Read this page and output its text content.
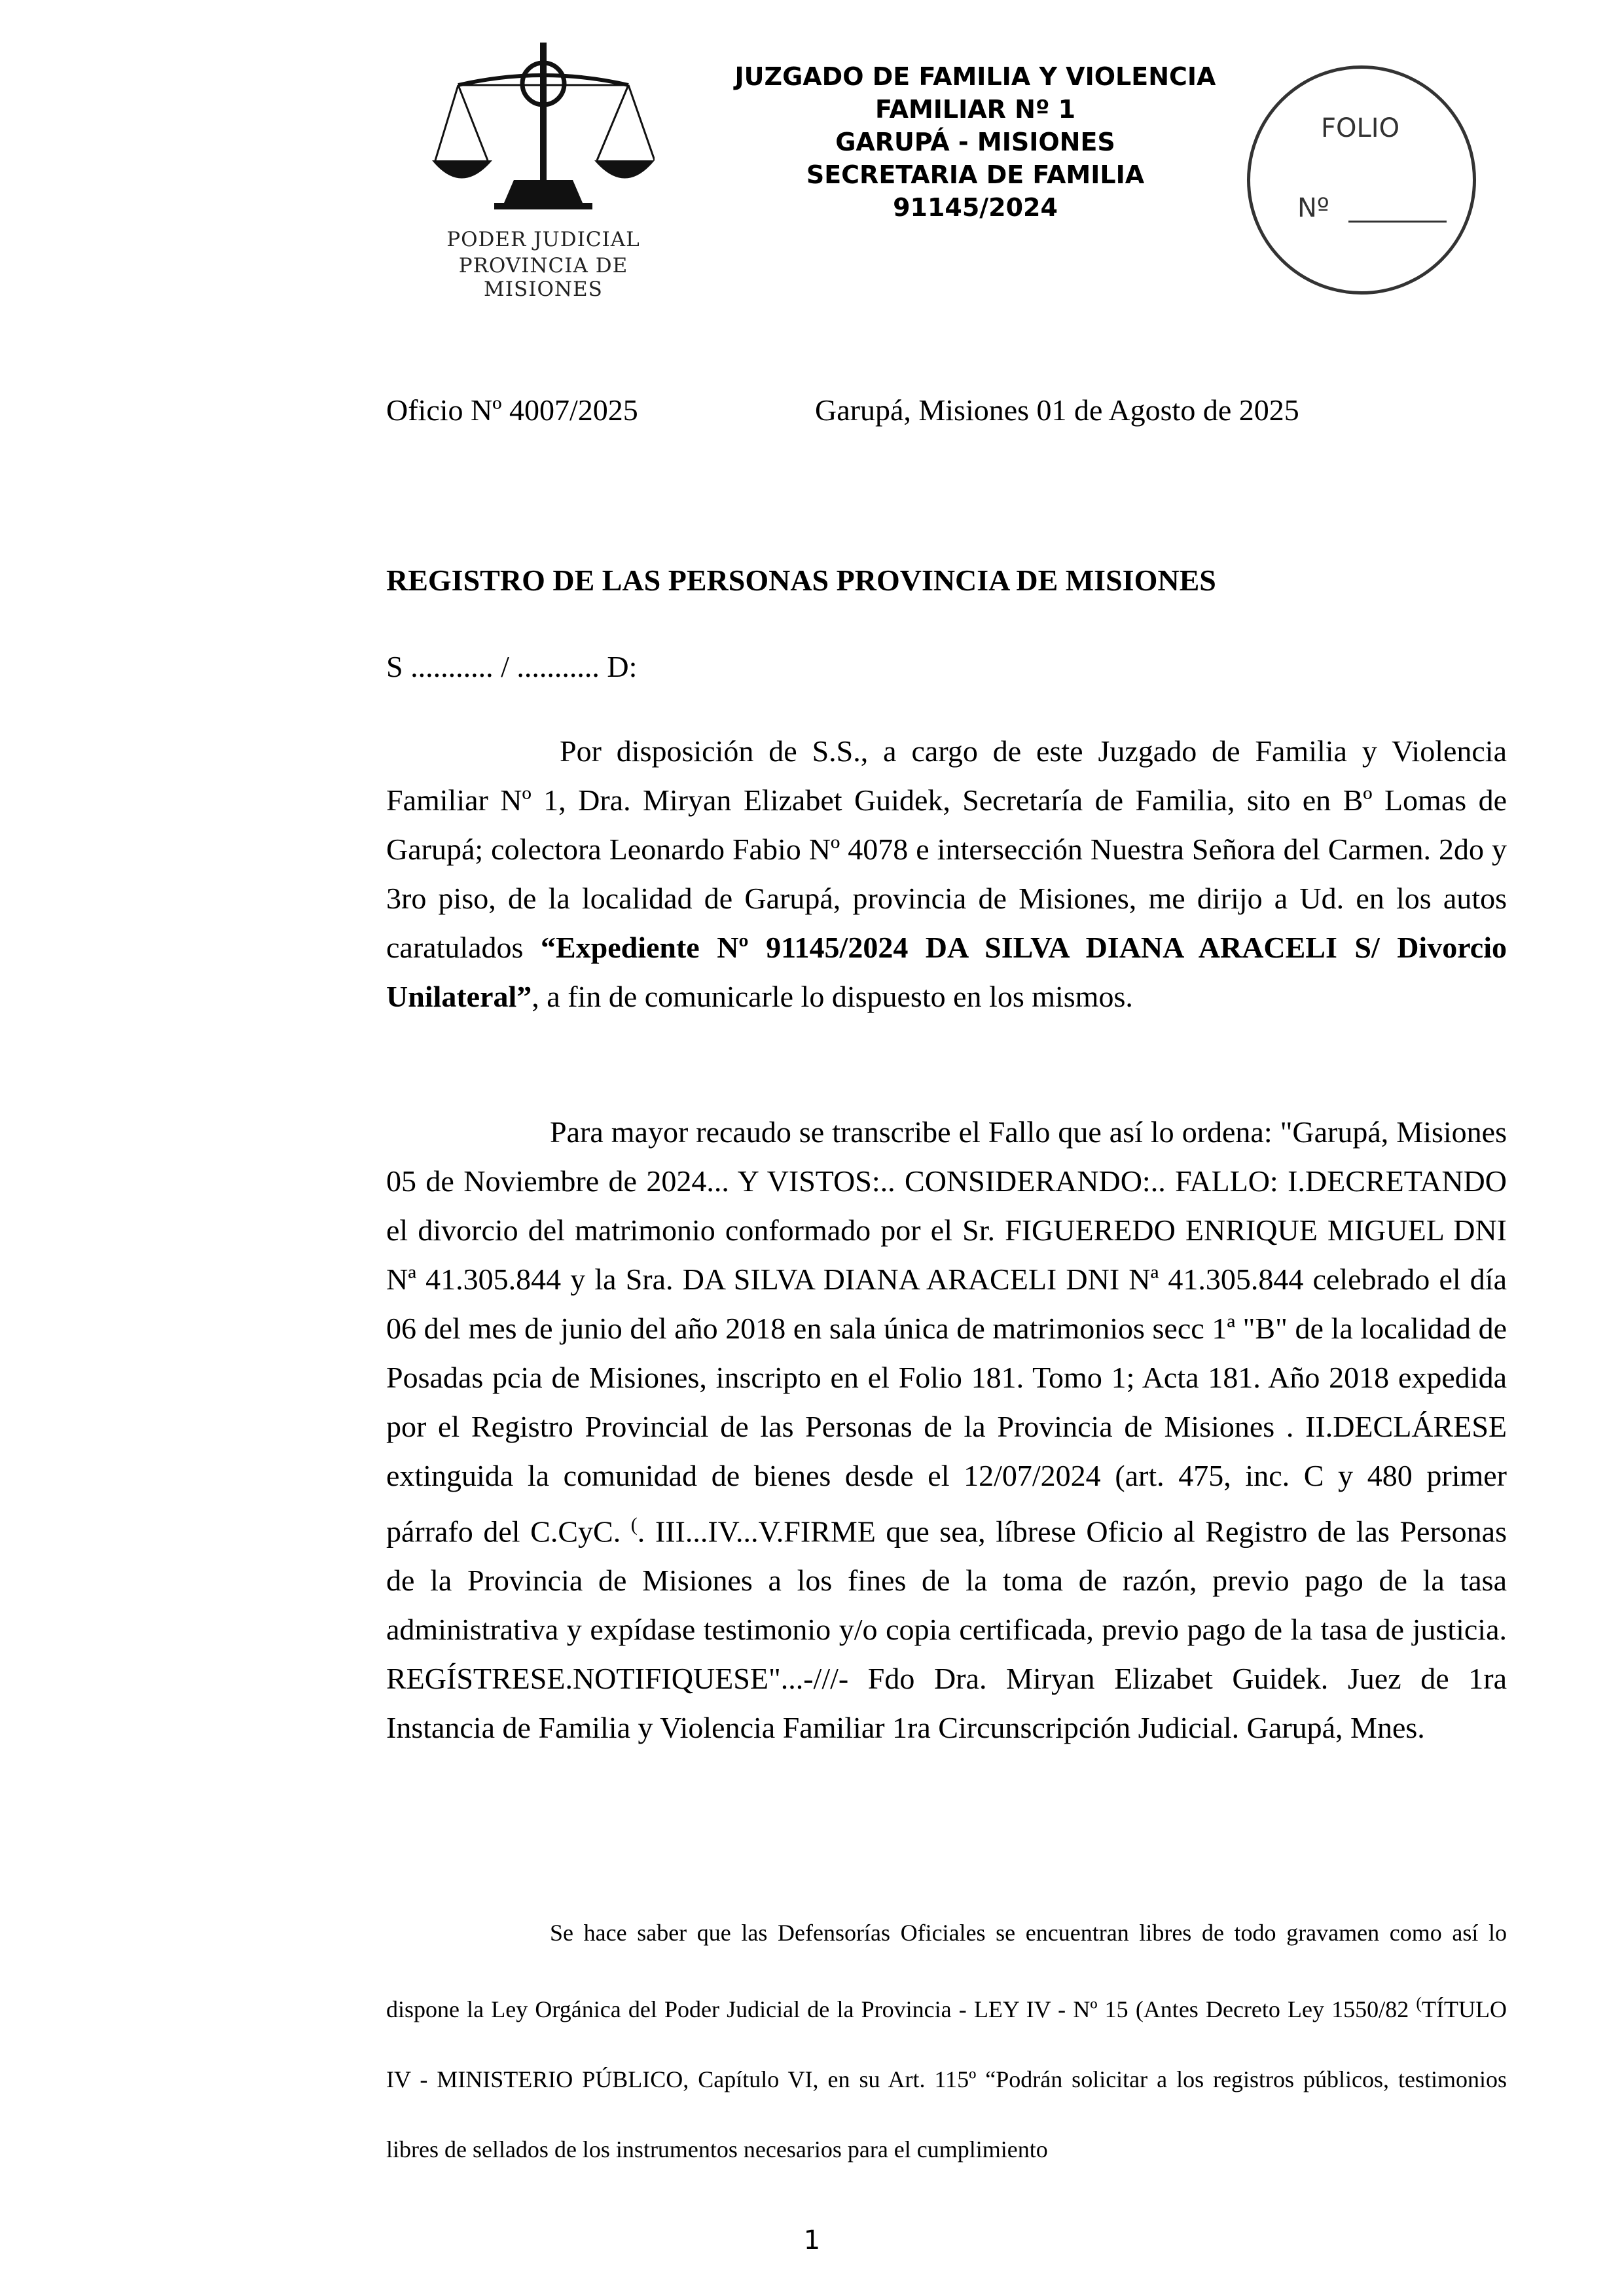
PODER JUDICIAL
PROVINCIA DE MISIONES
JUZGADO DE FAMILIA Y VIOLENCIA
FAMILIAR Nº 1
GARUPÁ - MISIONES
SECRETARIA DE FAMILIA
91145/2024
FOLIO
Nº
Oficio Nº 4007/2025	Garupá, Misiones 01 de Agosto de 2025
REGISTRO DE LAS PERSONAS PROVINCIA DE MISIONES
S ........... / ........... D:
Por disposición de S.S., a cargo de este Juzgado de Familia y Violencia Familiar Nº 1, Dra. Miryan Elizabet Guidek, Secretaría de Familia, sito en Bº Lomas de Garupá; colectora Leonardo Fabio Nº 4078 e intersección Nuestra Señora del Carmen. 2do y 3ro piso, de la localidad de Garupá, provincia de Misiones, me dirijo a Ud. en los autos caratulados “Expediente Nº 91145/2024 DA SILVA DIANA ARACELI S/ Divorcio Unilateral”, a fin de comunicarle lo dispuesto en los mismos.
Para mayor recaudo se transcribe el Fallo que así lo ordena: "Garupá, Misiones 05 de Noviembre de 2024... Y VISTOS:.. CONSIDERANDO:.. FALLO: I.DECRETANDO el divorcio del matrimonio conformado por el Sr. FIGUEREDO ENRIQUE MIGUEL DNI Nª 41.305.844 y la Sra. DA SILVA DIANA ARACELI DNI Nª 41.305.844 celebrado el día 06 del mes de junio del año 2018 en sala única de matrimonios secc 1ª "B" de la localidad de Posadas pcia de Misiones, inscripto en el Folio 181. Tomo 1; Acta 181. Año 2018 expedida por el Registro Provincial de las Personas de la Provincia de Misiones . II.DECLÁRESE extinguida la comunidad de bienes desde el 12/07/2024 (art. 475, inc. C y 480 primer párrafo del C.CyC. (. III...IV...V.FIRME que sea, líbrese Oficio al Registro de las Personas de la Provincia de Misiones a los fines de la toma de razón, previo pago de la tasa administrativa y expídase testimonio y/o copia certificada, previo pago de la tasa de justicia. REGÍSTRESE.NOTIFIQUESE"...-///- Fdo Dra. Miryan Elizabet Guidek. Juez de 1ra Instancia de Familia y Violencia Familiar 1ra Circunscripción Judicial. Garupá, Mnes.
Se hace saber que las Defensorías Oficiales se encuentran libres de todo gravamen como así lo dispone la Ley Orgánica del Poder Judicial de la Provincia - LEY IV - Nº 15 (Antes Decreto Ley 1550/82 (TÍTULO IV - MINISTERIO PÚBLICO, Capítulo VI, en su Art. 115º “Podrán solicitar a los registros públicos, testimonios libres de sellados de los instrumentos necesarios para el cumplimiento
1
